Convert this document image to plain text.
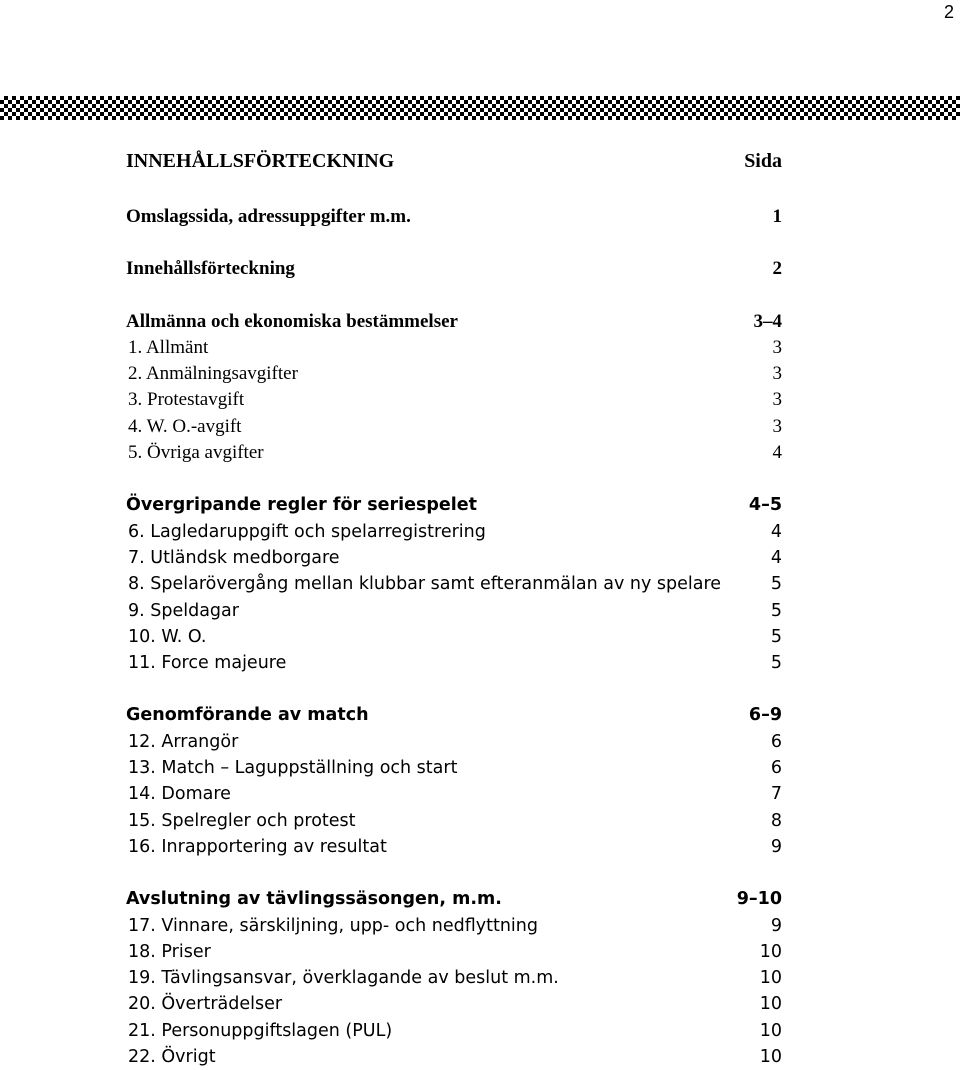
2
INNEHÅLLSFÖRTECKNING	Sida
Omslagssida, adressuppgifter m.m.	1
Innehållsförteckning	2
Allmänna och ekonomiska bestämmelser	3–4
1. Allmänt	3
2. Anmälningsavgifter	3
3. Protestavgift	3
4. W. O.-avgift	3
5. Övriga avgifter	4
Övergripande regler för seriespelet	4–5
6. Lagledaruppgift och spelarregistrering	4
7. Utländsk medborgare	4
8. Spelarövergång mellan klubbar samt efteranmälan av ny spelare	5
9. Speldagar	5
10. W. O.	5
11. Force majeure	5
Genomförande av match	6–9
12. Arrangör	6
13. Match – Laguppställning och start	6
14. Domare	7
15. Spelregler och protest	8
16. Inrapportering av resultat	9
Avslutning av tävlingssäsongen, m.m.	9–10
17. Vinnare, särskiljning, upp- och nedflyttning	9
18. Priser	10
19. Tävlingsansvar, överklagande av beslut m.m.	10
20. Överträdelser	10
21. Personuppgiftslagen (PUL)	10
22. Övrigt	10
